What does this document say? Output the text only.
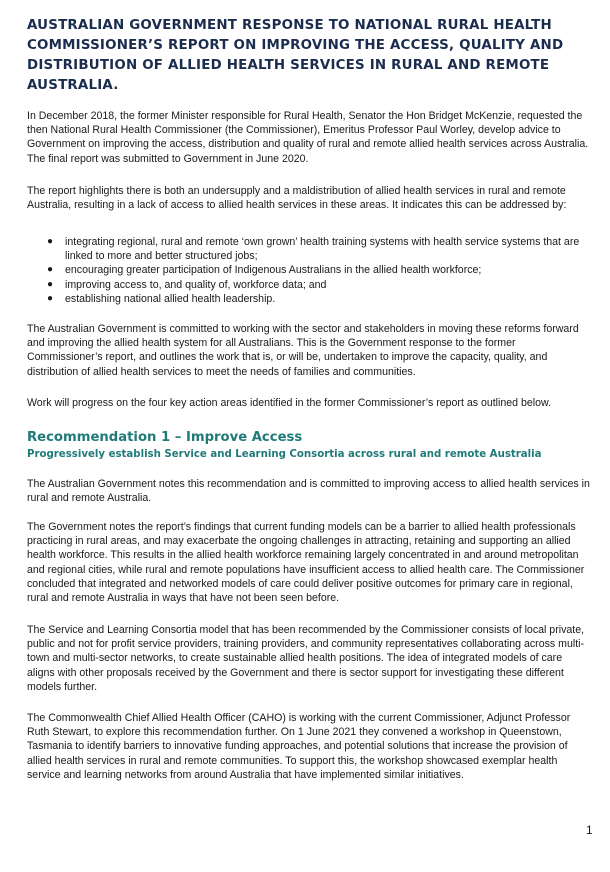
AUSTRALIAN GOVERNMENT RESPONSE TO NATIONAL RURAL HEALTH COMMISSIONER’S REPORT ON IMPROVING THE ACCESS, QUALITY AND DISTRIBUTION OF ALLIED HEALTH SERVICES IN RURAL AND REMOTE AUSTRALIA.

In December 2018, the former Minister responsible for Rural Health, Senator the Hon Bridget McKenzie, requested the then National Rural Health Commissioner (the Commissioner), Emeritus Professor Paul Worley, develop advice to Government on improving the access, distribution and quality of rural and remote allied health services across Australia. The final report was submitted to Government in June 2020.

The report highlights there is both an undersupply and a maldistribution of allied health services in rural and remote Australia, resulting in a lack of access to allied health services in these areas. It indicates this can be addressed by:

● integrating regional, rural and remote ‘own grown’ health training systems with health service systems that are linked to more and better structured jobs;
● encouraging greater participation of Indigenous Australians in the allied health workforce;
● improving access to, and quality of, workforce data; and
● establishing national allied health leadership.

The Australian Government is committed to working with the sector and stakeholders in moving these reforms forward and improving the allied health system for all Australians. This is the Government response to the former Commissioner’s report, and outlines the work that is, or will be, undertaken to improve the capacity, quality, and distribution of allied health services to meet the needs of families and communities.

Work will progress on the four key action areas identified in the former Commissioner’s report as outlined below.

Recommendation 1 – Improve Access
Progressively establish Service and Learning Consortia across rural and remote Australia

The Australian Government notes this recommendation and is committed to improving access to allied health services in rural and remote Australia.

The Government notes the report’s findings that current funding models can be a barrier to allied health professionals practicing in rural areas, and may exacerbate the ongoing challenges in attracting, retaining and supporting an allied health workforce. This results in the allied health workforce remaining largely concentrated in and around metropolitan and regional cities, while rural and remote populations have insufficient access to allied health care. The Commissioner concluded that integrated and networked models of care could deliver positive outcomes for primary care in regional, rural and remote Australia in ways that have not been seen before.

The Service and Learning Consortia model that has been recommended by the Commissioner consists of local private, public and not for profit service providers, training providers, and community representatives collaborating across multi-town and multi-sector networks, to create sustainable allied health positions. The idea of integrated models of care aligns with other proposals received by the Government and there is sector support for investigating these different models further.

The Commonwealth Chief Allied Health Officer (CAHO) is working with the current Commissioner, Adjunct Professor Ruth Stewart, to explore this recommendation further. On 1 June 2021 they convened a workshop in Queenstown, Tasmania to identify barriers to innovative funding approaches, and potential solutions that increase the provision of allied health services in rural and remote communities. To support this, the workshop showcased exemplar health service and learning networks from around Australia that have implemented similar initiatives.

1
